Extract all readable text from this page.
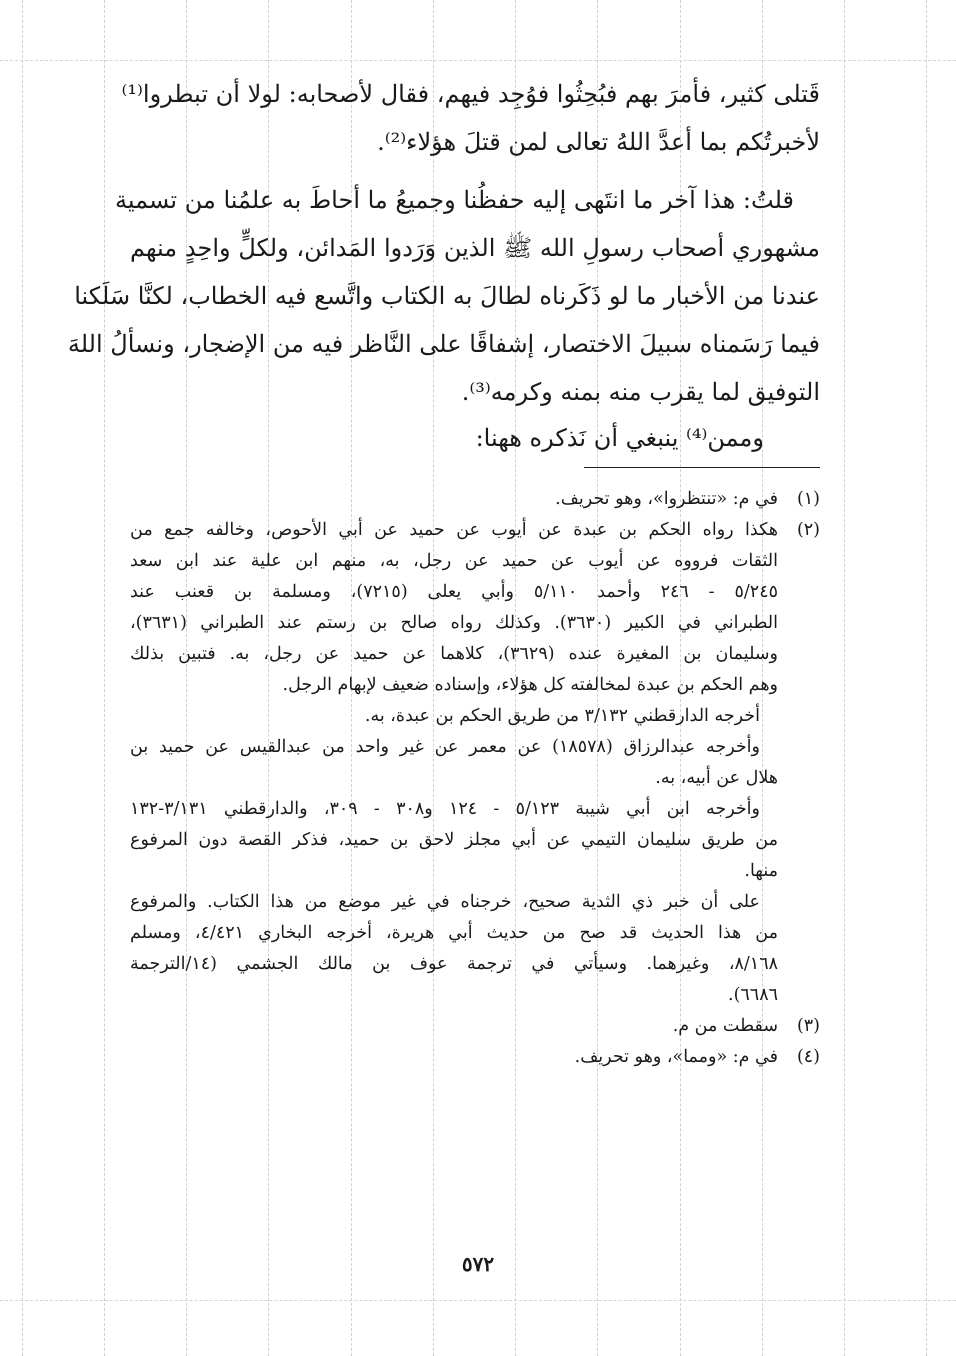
قَتلى كثير، فأمرَ بهم فبُحِثُوا فوُجِد فيهم، فقال لأصحابه: لولا أن تبطروا⁽¹⁾
لأخبرتُكم بما أعدَّ اللهُ تعالى لمن قتلَ هؤلاء⁽²⁾.
قلتُ: هذا آخر ما انتَهى إليه حفظُنا وجميعُ ما أحاطَ به علمُنا من تسمية
مشهوري أصحاب رسولِ الله ﷺ الذين وَرَدوا المَدائن، ولكلٍّ واحِدٍ منهم
عندنا من الأخبار ما لو ذَكَرناه لطالَ به الكتاب واتَّسع فيه الخطاب، لكنَّا سَلَكنا
فيما رَسَمناه سبيلَ الاختصار، إشفاقًا على النَّاظر فيه من الإضجار، ونسألُ اللهَ
التوفيق لما يقرب منه بمنه وكرمه⁽³⁾.
وممن⁽⁴⁾ ينبغي أن نَذكره ههنا:
(١)
في م: «تنتظروا»، وهو تحريف.
(٢)
هكذا رواه الحكم بن عبدة عن أيوب عن حميد عن أبي الأحوص، وخالفه جمع من
الثقات فرووه عن أيوب عن حميد عن رجل، به، منهم ابن علية عند ابن سعد
٥/٢٤٥ - ٢٤٦ وأحمد ٥/١١٠ وأبي يعلى (٧٢١٥)، ومسلمة بن قعنب عند
الطبراني في الكبير (٣٦٣٠). وكذلك رواه صالح بن رستم عند الطبراني (٣٦٣١)،
وسليمان بن المغيرة عنده (٣٦٢٩)، كلاهما عن حميد عن رجل، به. فتبين بذلك
وهم الحكم بن عبدة لمخالفته كل هؤلاء، وإسناده ضعيف لإبهام الرجل.
أخرجه الدارقطني ٣/١٣٢ من طريق الحكم بن عبدة، به.
وأخرجه عبدالرزاق (١٨٥٧٨) عن معمر عن غير واحد من عبدالقيس عن حميد بن
هلال عن أبيه، به.
وأخرجه ابن أبي شيبة ٥/١٢٣ - ١٢٤ و٣٠٨ - ٣٠٩، والدارقطني ٣/١٣١-١٣٢
من طريق سليمان التيمي عن أبي مجلز لاحق بن حميد، فذكر القصة دون المرفوع
منها.
على أن خبر ذي الثدية صحيح، خرجناه في غير موضع من هذا الكتاب. والمرفوع
من هذا الحديث قد صح من حديث أبي هريرة، أخرجه البخاري ٤/٤٢١، ومسلم
٨/١٦٨، وغيرهما. وسيأتي في ترجمة عوف بن مالك الجشمي (١٤/الترجمة
٦٦٨٦).
(٣)
سقطت من م.
(٤)
في م: «ومما»، وهو تحريف.
٥٧٢
